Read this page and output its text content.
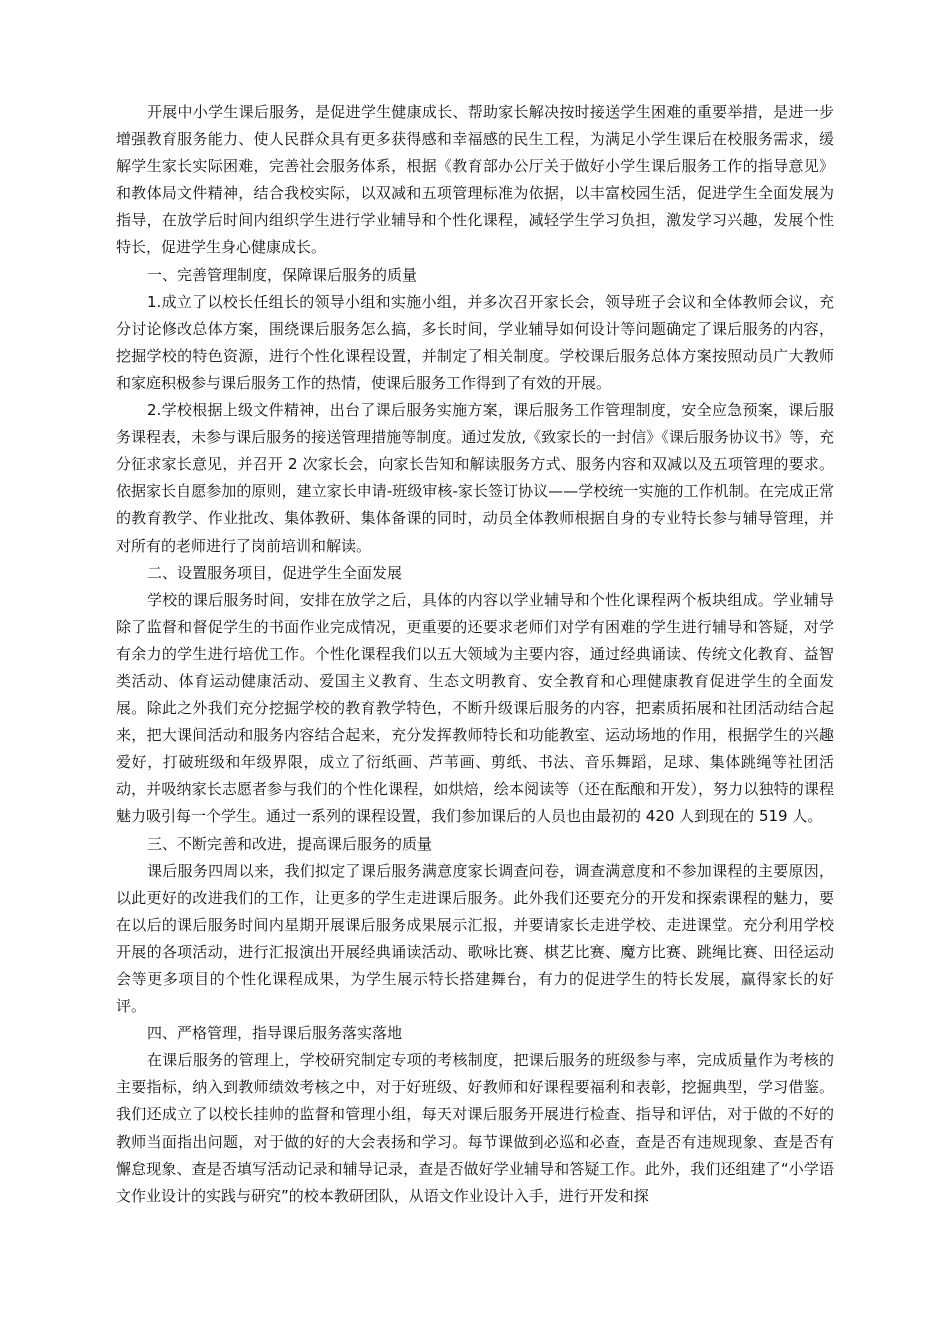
开展中小学生课后服务，是促进学生健康成长、帮助家长解决按时接送学生困难的重要举措，是进一步增强教育服务能力、使人民群众具有更多获得感和幸福感的民生工程，为满足小学生课后在校服务需求，缓解学生家长实际困难，完善社会服务体系，根据《教育部办公厅关于做好小学生课后服务工作的指导意见》和教体局文件精神，结合我校实际，以双减和五项管理标准为依据，以丰富校园生活，促进学生全面发展为指导，在放学后时间内组织学生进行学业辅导和个性化课程，减轻学生学习负担，激发学习兴趣，发展个性特长，促进学生身心健康成长。

一、完善管理制度，保障课后服务的质量

1.成立了以校长任组长的领导小组和实施小组，并多次召开家长会，领导班子会议和全体教师会议，充分讨论修改总体方案，围绕课后服务怎么搞，多长时间，学业辅导如何设计等问题确定了课后服务的内容，挖掘学校的特色资源，进行个性化课程设置，并制定了相关制度。学校课后服务总体方案按照动员广大教师和家庭积极参与课后服务工作的热情，使课后服务工作得到了有效的开展。

2.学校根据上级文件精神，出台了课后服务实施方案，课后服务工作管理制度，安全应急预案，课后服务课程表，未参与课后服务的接送管理措施等制度。通过发放,《致家长的一封信》《课后服务协议书》等，充分征求家长意见，并召开 2 次家长会，向家长告知和解读服务方式、服务内容和双减以及五项管理的要求。依据家长自愿参加的原则，建立家长申请-班级审核-家长签订协议——学校统一实施的工作机制。在完成正常的教育教学、作业批改、集体教研、集体备课的同时，动员全体教师根据自身的专业特长参与辅导管理，并对所有的老师进行了岗前培训和解读。

二、设置服务项目，促进学生全面发展

学校的课后服务时间，安排在放学之后，具体的内容以学业辅导和个性化课程两个板块组成。学业辅导除了监督和督促学生的书面作业完成情况，更重要的还要求老师们对学有困难的学生进行辅导和答疑，对学有余力的学生进行培优工作。个性化课程我们以五大领域为主要内容，通过经典诵读、传统文化教育、益智类活动、体育运动健康活动、爱国主义教育、生态文明教育、安全教育和心理健康教育促进学生的全面发展。除此之外我们充分挖掘学校的教育教学特色，不断升级课后服务的内容，把素质拓展和社团活动结合起来，把大课间活动和服务内容结合起来，充分发挥教师特长和功能教室、运动场地的作用，根据学生的兴趣爱好，打破班级和年级界限，成立了衍纸画、芦苇画、剪纸、书法、音乐舞蹈，足球、集体跳绳等社团活动，并吸纳家长志愿者参与我们的个性化课程，如烘焙，绘本阅读等（还在酝酿和开发），努力以独特的课程魅力吸引每一个学生。通过一系列的课程设置，我们参加课后的人员也由最初的 420 人到现在的 519 人。

三、不断完善和改进，提高课后服务的质量

课后服务四周以来，我们拟定了课后服务满意度家长调查问卷，调查满意度和不参加课程的主要原因，以此更好的改进我们的工作，让更多的学生走进课后服务。此外我们还要充分的开发和探索课程的魅力，要在以后的课后服务时间内星期开展课后服务成果展示汇报，并要请家长走进学校、走进课堂。充分利用学校开展的各项活动，进行汇报演出开展经典诵读活动、歌咏比赛、棋艺比赛、魔方比赛、跳绳比赛、田径运动会等更多项目的个性化课程成果，为学生展示特长搭建舞台，有力的促进学生的特长发展，赢得家长的好评。

四、严格管理，指导课后服务落实落地

在课后服务的管理上，学校研究制定专项的考核制度，把课后服务的班级参与率，完成质量作为考核的主要指标，纳入到教师绩效考核之中，对于好班级、好教师和好课程要福利和表彰，挖掘典型，学习借鉴。我们还成立了以校长挂帅的监督和管理小组，每天对课后服务开展进行检查、指导和评估，对于做的不好的教师当面指出问题，对于做的好的大会表扬和学习。每节课做到必巡和必查，查是否有违规现象、查是否有懈怠现象、查是否填写活动记录和辅导记录，查是否做好学业辅导和答疑工作。此外，我们还组建了“小学语文作业设计的实践与研究”的校本教研团队，从语文作业设计入手，进行开发和探
